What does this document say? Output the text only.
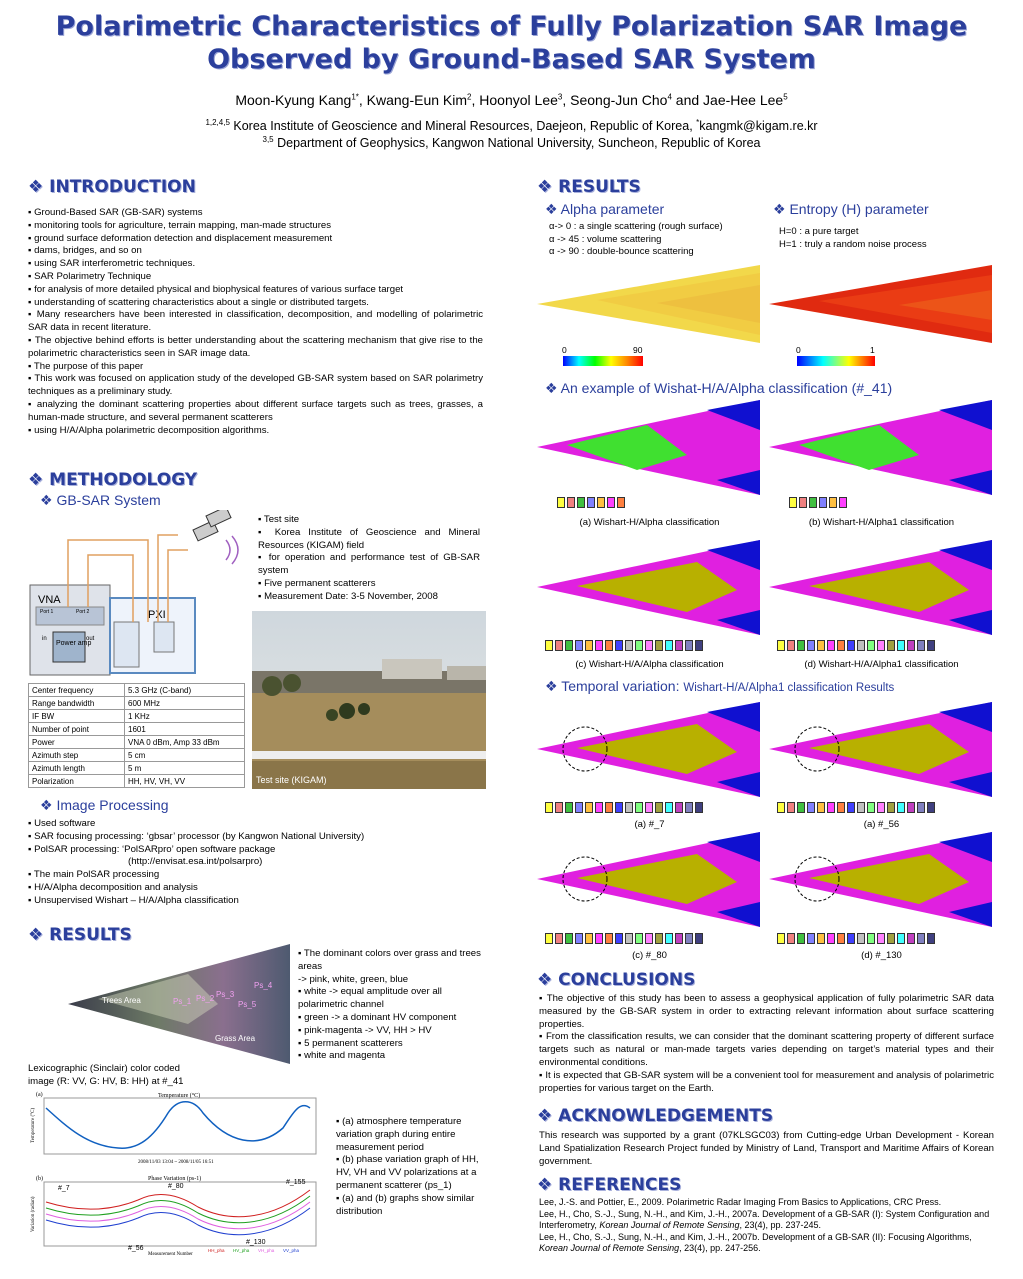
Polarimetric Characteristics of Fully Polarization SAR Image
Observed by Ground-Based SAR System
Moon-Kyung Kang$^{1*}$, Kwang-Eun Kim$^2$, Hoonyol Lee$^3$, Seong-Jun Cho$^4$ and Jae-Hee Lee$^5$
$^{1,2,4,5}$ Korea Institute of Geoscience and Mineral Resources, Daejeon, Republic of Korea, *kangmk@kigam.re.kr
$^{3,5}$ Department of Geophysics, Kangwon National University, Suncheon, Republic of Korea
❖ INTRODUCTION
▪ Ground-Based SAR (GB-SAR) systems
▪ monitoring tools for agriculture, terrain mapping, man-made structures
▪ ground surface deformation detection and displacement measurement
▪ dams, bridges, and so on
▪ using SAR interferometric techniques.
▪ SAR Polarimetry Technique
▪ for analysis of more detailed physical and biophysical features of various surface target
▪ understanding of scattering characteristics about a single or distributed targets.
▪ Many researchers have been interested in classification, decomposition, and modelling of polarimetric SAR data in recent literature.
▪ The objective behind efforts is better understanding about the scattering mechanism that give rise to the polarimetric characteristics seen in SAR image data.
▪ The purpose of this paper
▪ This work was focused on application study of the developed GB-SAR system based on SAR polarimetry techniques as a preliminary study.
▪ analyzing the dominant scattering properties about different surface targets such as trees, grasses, a human-made structure, and several permanent scatterers
▪ using H/A/Alpha polarimetric decomposition algorithms.
❖ METHODOLOGY
❖ GB-SAR System
VNA
Port 1	Port 2
Power amp
in	out
PXI
▪ Test site
▪ Korea Institute of Geoscience and Mineral Resources (KIGAM) field
▪ for operation and performance test of GB-SAR system
▪ Five permanent scatterers
▪ Measurement Date: 3-5 November, 2008
Center frequency	5.3 GHz (C-band)
Range bandwidth	600 MHz
IF BW	1 KHz
Number of point	1601
Power	VNA 0 dBm, Amp 33 dBm
Azimuth step	5 cm
Azimuth length	5 m
Polarization	HH, HV, VH, VV	Test site (KIGAM)
❖ Image Processing
▪ Used software
▪ SAR focusing processing: ‘gbsar’ processor (by Kangwon National University)
▪ PolSAR processing: ‘PolSARpro’ open software package
(http://envisat.esa.int/polsarpro)
▪ The main PolSAR processing
▪ H/A/Alpha decomposition and analysis
▪ Unsupervised Wishart – H/A/Alpha classification
❖ RESULTS
Trees Area	Ps_1 Ps_2 Ps_3
Ps_4
Ps_5
Grass Area
Lexicographic (Sinclair) color coded image (R: VV, G: HV, B: HH) at #_41
▪ The dominant colors over grass and trees areas
-> pink, white, green, blue
▪ white -> equal amplitude over all polarimetric channel
▪ green -> a dominant HV component
▪ pink-magenta -> VV, HH > HV
▪ 5 permanent scatterers
▪ white and magenta
Temperature (°C)
(a)
Temperature (°C)
2008/11/03 13:04 ~ 2008/11/05 16:51
Phase Variation (ps-1)
(b)
Variation (radian)
#_7	#_80
#_155
#_56
#_130
Measurement Number
HH_pha HV_pha VH_pha VV_pha
▪ (a) atmosphere temperature variation graph during entire measurement period
▪ (b) phase variation graph of HH, HV, VH and VV polarizations at a permanent scatterer (ps_1)
▪ (a) and (b) graphs show similar distribution
❖ RESULTS
❖ Alpha parameter
α-> 0 : a single scattering (rough surface)
α -> 45 : volume scattering
α -> 90 : double-bounce scattering
❖ Entropy (H) parameter
H=0 : a pure target
H=1 : truly a random noise process
0	90	0	1
❖ An example of Wishat-H/A/Alpha classification (#_41)
(a) Wishart-H/Alpha classification	(b) Wishart-H/Alpha1 classification
(c) Wishart-H/A/Alpha classification	(d) Wishart-H/A/Alpha1 classification
❖ Temporal variation: Wishart-H/A/Alpha1 classification Results
(a) #_7	(a) #_56
(c) #_80	(d) #_130
❖ CONCLUSIONS
▪ The objective of this study has been to assess a geophysical application of fully polarimetric SAR data measured by the GB-SAR system in order to extracting relevant information about surface scattering properties.
▪ From the classification results, we can consider that the dominant scattering property of different surface targets such as natural or man-made targets varies depending on target’s material types and their environmental conditions.
▪ It is expected that GB-SAR system will be a convenient tool for measurement and analysis of polarimetric properties for various target on the Earth.
❖ ACKNOWLEDGEMENTS
This research was supported by a grant (07KLSGC03) from Cutting-edge Urban Development - Korean Land Spatialization Research Project funded by Ministry of Land, Transport and Maritime Affairs of Korean government.
❖ REFERENCES
Lee, J.-S. and Pottier, E., 2009. Polarimetric Radar Imaging From Basics to Applications, CRC Press.
Lee, H., Cho, S.-J., Sung, N.-H., and Kim, J.-H., 2007a. Development of a GB-SAR (I): System Configuration and Interferometry, Korean Journal of Remote Sensing, 23(4), pp. 237-245.
Lee, H., Cho, S.-J., Sung, N.-H., and Kim, J.-H., 2007b. Development of a GB-SAR (II): Focusing Algorithms, Korean Journal of Remote Sensing, 23(4), pp. 247-256.
